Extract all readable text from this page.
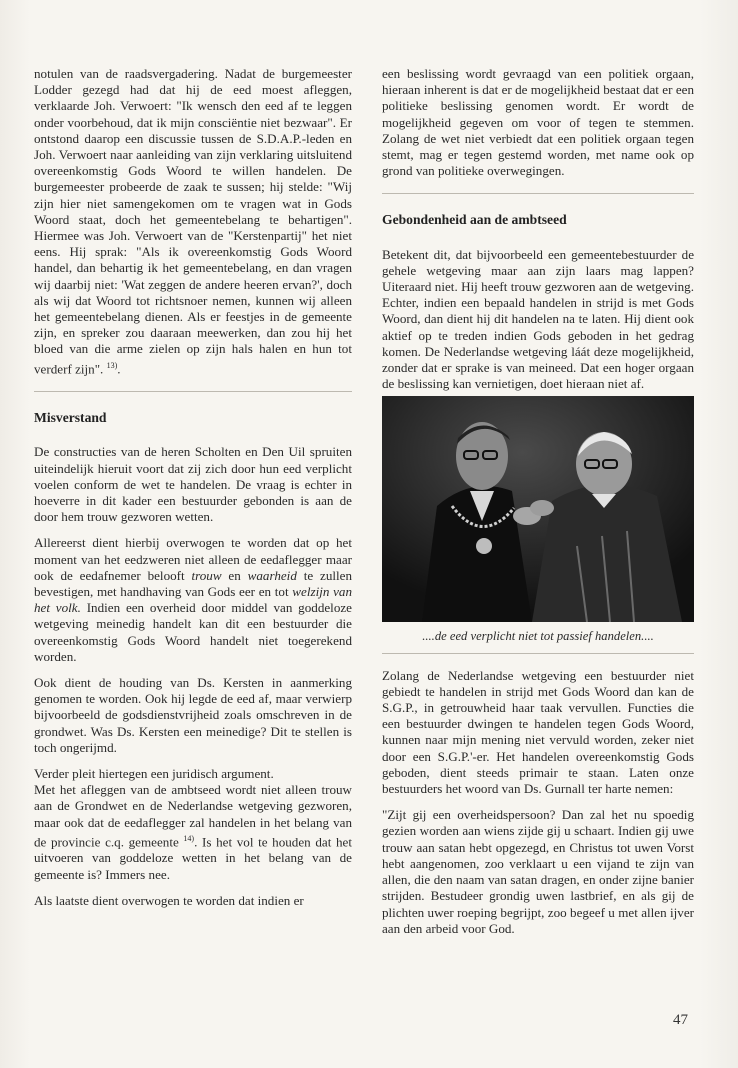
notulen van de raadsvergadering. Nadat de burgemeester Lodder gezegd had dat hij de eed moest afleggen, verklaarde Joh. Verwoert: "Ik wensch den eed af te leggen onder voorbehoud, dat ik mijn consciëntie niet bezwaar". Er ontstond daarop een discussie tussen de S.D.A.P.-leden en Joh. Verwoert naar aanleiding van zijn verklaring uitsluitend overeenkomstig Gods Woord te willen handelen. De burgemeester probeerde de zaak te sussen; hij stelde: "Wij zijn hier niet samengekomen om te vragen wat in Gods Woord staat, doch het gemeentebelang te behartigen". Hiermee was Joh. Verwoert van de "Kerstenpartij" het niet eens. Hij sprak: "Als ik overeenkomstig Gods Woord handel, dan behartig ik het gemeentebelang, en dan vragen wij daarbij niet: 'Wat zeggen de andere heeren ervan?', doch als wij dat Woord tot richtsnoer nemen, kunnen wij alleen het gemeentebelang dienen. Als er feestjes in de gemeente zijn, en spreker zou daaraan meewerken, dan zou hij het bloed van die arme zielen op zijn hals halen en hun tot verderf zijn". $^{13)}$.

Misverstand

De constructies van de heren Scholten en Den Uil spruiten uiteindelijk hieruit voort dat zij zich door hun eed verplicht voelen conform de wet te handelen. De vraag is echter in hoeverre in dit kader een bestuurder gebonden is aan de door hem trouw gezworen wetten.

Allereerst dient hierbij overwogen te worden dat op het moment van het eedzweren niet alleen de eedaflegger maar ook de eedafnemer belooft trouw en waarheid te zullen bevestigen, met handhaving van Gods eer en tot welzijn van het volk. Indien een overheid door middel van goddeloze wetgeving meinedig handelt kan dit een bestuurder die overeenkomstig Gods Woord handelt niet toegerekend worden.

Ook dient de houding van Ds. Kersten in aanmerking genomen te worden. Ook hij legde de eed af, maar verwierp bijvoorbeeld de godsdienstvrijheid zoals omschreven in de grondwet. Was Ds. Kersten een meinedige? Dit te stellen is toch ongerijmd.

Verder pleit hiertegen een juridisch argument.

Met het afleggen van de ambtseed wordt niet alleen trouw aan de Grondwet en de Nederlandse wetgeving gezworen, maar ook dat de eedaflegger zal handelen in het belang van de provincie c.q. gemeente $^{14)}$. Is het vol te houden dat het uitvoeren van goddeloze wetten in het belang van de gemeente is? Immers nee.

Als laatste dient overwogen te worden dat indien er

een beslissing wordt gevraagd van een politiek orgaan, hieraan inherent is dat er de mogelijkheid bestaat dat er een politieke beslissing genomen wordt. Er wordt de mogelijkheid gegeven om voor of tegen te stemmen. Zolang de wet niet verbiedt dat een politiek orgaan tegen stemt, mag er tegen gestemd worden, met name ook op grond van politieke overwegingen.

Gebondenheid aan de ambtseed

Betekent dit, dat bijvoorbeeld een gemeentebestuurder de gehele wetgeving maar aan zijn laars mag lappen? Uiteraard niet. Hij heeft trouw gezworen aan de wetgeving. Echter, indien een bepaald handelen in strijd is met Gods Woord, dan dient hij dit handelen na te laten. Hij dient ook aktief op te treden indien Gods geboden in het gedrag komen. De Nederlandse wetgeving láát deze mogelijkheid, zonder dat er sprake is van meineed. Dat een hoger orgaan de beslissing kan vernietigen, doet hieraan niet af.

....de eed verplicht niet tot passief handelen....

Zolang de Nederlandse wetgeving een bestuurder niet gebiedt te handelen in strijd met Gods Woord dan kan de S.G.P., in getrouwheid haar taak vervullen. Functies die een bestuurder dwingen te handelen tegen Gods Woord, kunnen naar mijn mening niet vervuld worden, zeker niet door een S.G.P.'-er. Het handelen overeenkomstig Gods geboden, dient steeds primair te staan. Laten onze bestuurders het woord van Ds. Gurnall ter harte nemen:

"Zijt gij een overheidspersoon? Dan zal het nu spoedig gezien worden aan wiens zijde gij u schaart. Indien gij uwe trouw aan satan hebt opgezegd, en Christus tot uwen Vorst hebt aangenomen, zoo verklaart u een vijand te zijn van allen, die den naam van satan dragen, en onder zijne banier strijden. Bestudeer grondig uwen lastbrief, en als gij de plichten uwer roeping begrijpt, zoo begeef u met allen ijver aan den arbeid voor God.

47
